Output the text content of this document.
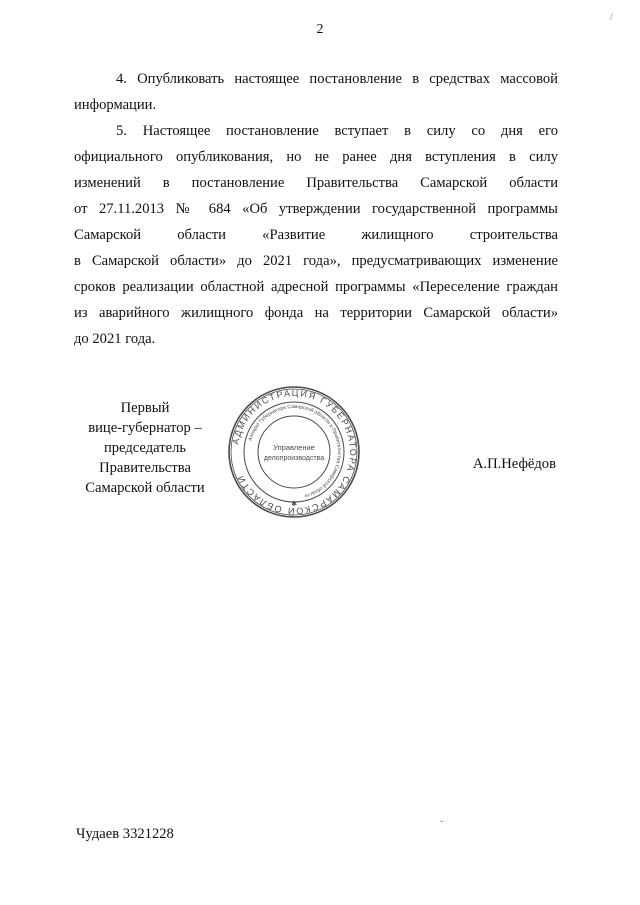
2

4. Опубликовать настоящее постановление в средствах массовой
информации.

5. Настоящее постановление вступает в силу со дня его
официального опубликования, но не ранее дня вступления в силу
изменений в постановление Правительства Самарской области
от 27.11.2013 № 684 «Об утверждении государственной программы
Самарской области «Развитие жилищного строительства
в Самарской области» до 2021 года», предусматривающих изменение
сроков реализации областной адресной программы «Переселение граждан
из аварийного жилищного фонда на территории Самарской области»
до 2021 года.

Первый
вице-губернатор –
председатель Правительства
Самарской области
АДМИНИСТРАЦИЯ ГУБЕРНАТОРА САМАРСКОЙ ОБЛАСТИ
Аппарат Губернатора Самарской области и Правительства Самарской области
Управление
делопроизводства
✱
А.П.Нефёдов
Чудаев 3321228
/
ˇ
